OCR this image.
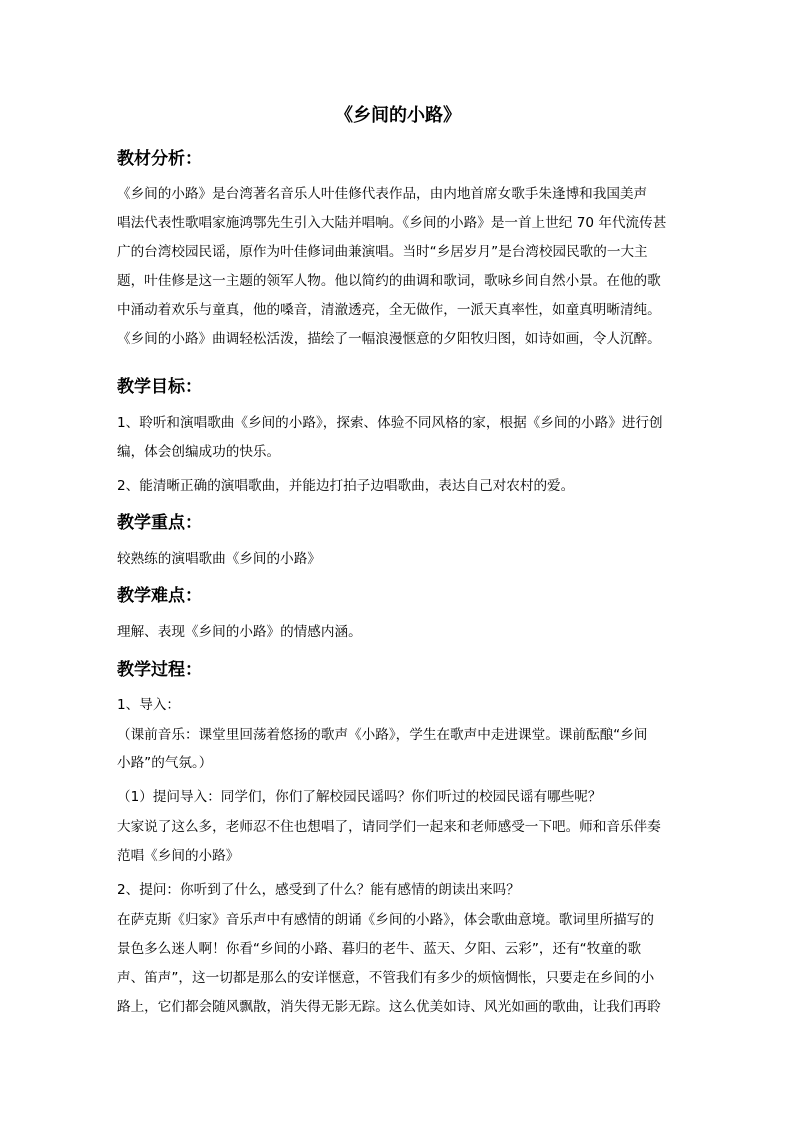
《乡间的小路》
教材分析：
《乡间的小路》是台湾著名音乐人叶佳修代表作品，由内地首席女歌手朱逢博和我国美声
唱法代表性歌唱家施鸿鄂先生引入大陆并唱响。《乡间的小路》是一首上世纪 70 年代流传甚
广的台湾校园民谣，原作为叶佳修词曲兼演唱。当时“乡居岁月”是台湾校园民歌的一大主
题，叶佳修是这一主题的领军人物。他以简约的曲调和歌词，歌咏乡间自然小景。在他的歌
中涌动着欢乐与童真，他的嗓音，清澈透亮，全无做作，一派天真率性，如童真明晰清纯。
《乡间的小路》曲调轻松活泼，描绘了一幅浪漫惬意的夕阳牧归图，如诗如画，令人沉醉。
教学目标：
1、聆听和演唱歌曲《乡间的小路》，探索、体验不同风格的家，根据《乡间的小路》进行创
编，体会创编成功的快乐。
2、能清晰正确的演唱歌曲，并能边打拍子边唱歌曲，表达自己对农村的爱。
教学重点：
较熟练的演唱歌曲《乡间的小路》
教学难点：
理解、表现《乡间的小路》的情感内涵。
教学过程：
1、导入：
（课前音乐：课堂里回荡着悠扬的歌声《小路》，学生在歌声中走进课堂。课前酝酿“乡间
小路”的气氛。）
（1）提问导入：同学们，你们了解校园民谣吗？你们听过的校园民谣有哪些呢？
大家说了这么多，老师忍不住也想唱了，请同学们一起来和老师感受一下吧。师和音乐伴奏
范唱《乡间的小路》
2、提问：你听到了什么，感受到了什么？能有感情的朗读出来吗？
在萨克斯《归家》音乐声中有感情的朗诵《乡间的小路》，体会歌曲意境。歌词里所描写的
景色多么迷人啊！你看“乡间的小路、暮归的老牛、蓝天、夕阳、云彩”，还有“牧童的歌
声、笛声”，这一切都是那么的安详惬意，不管我们有多少的烦恼惆怅，只要走在乡间的小
路上，它们都会随风飘散，消失得无影无踪。这么优美如诗、风光如画的歌曲，让我们再聆
